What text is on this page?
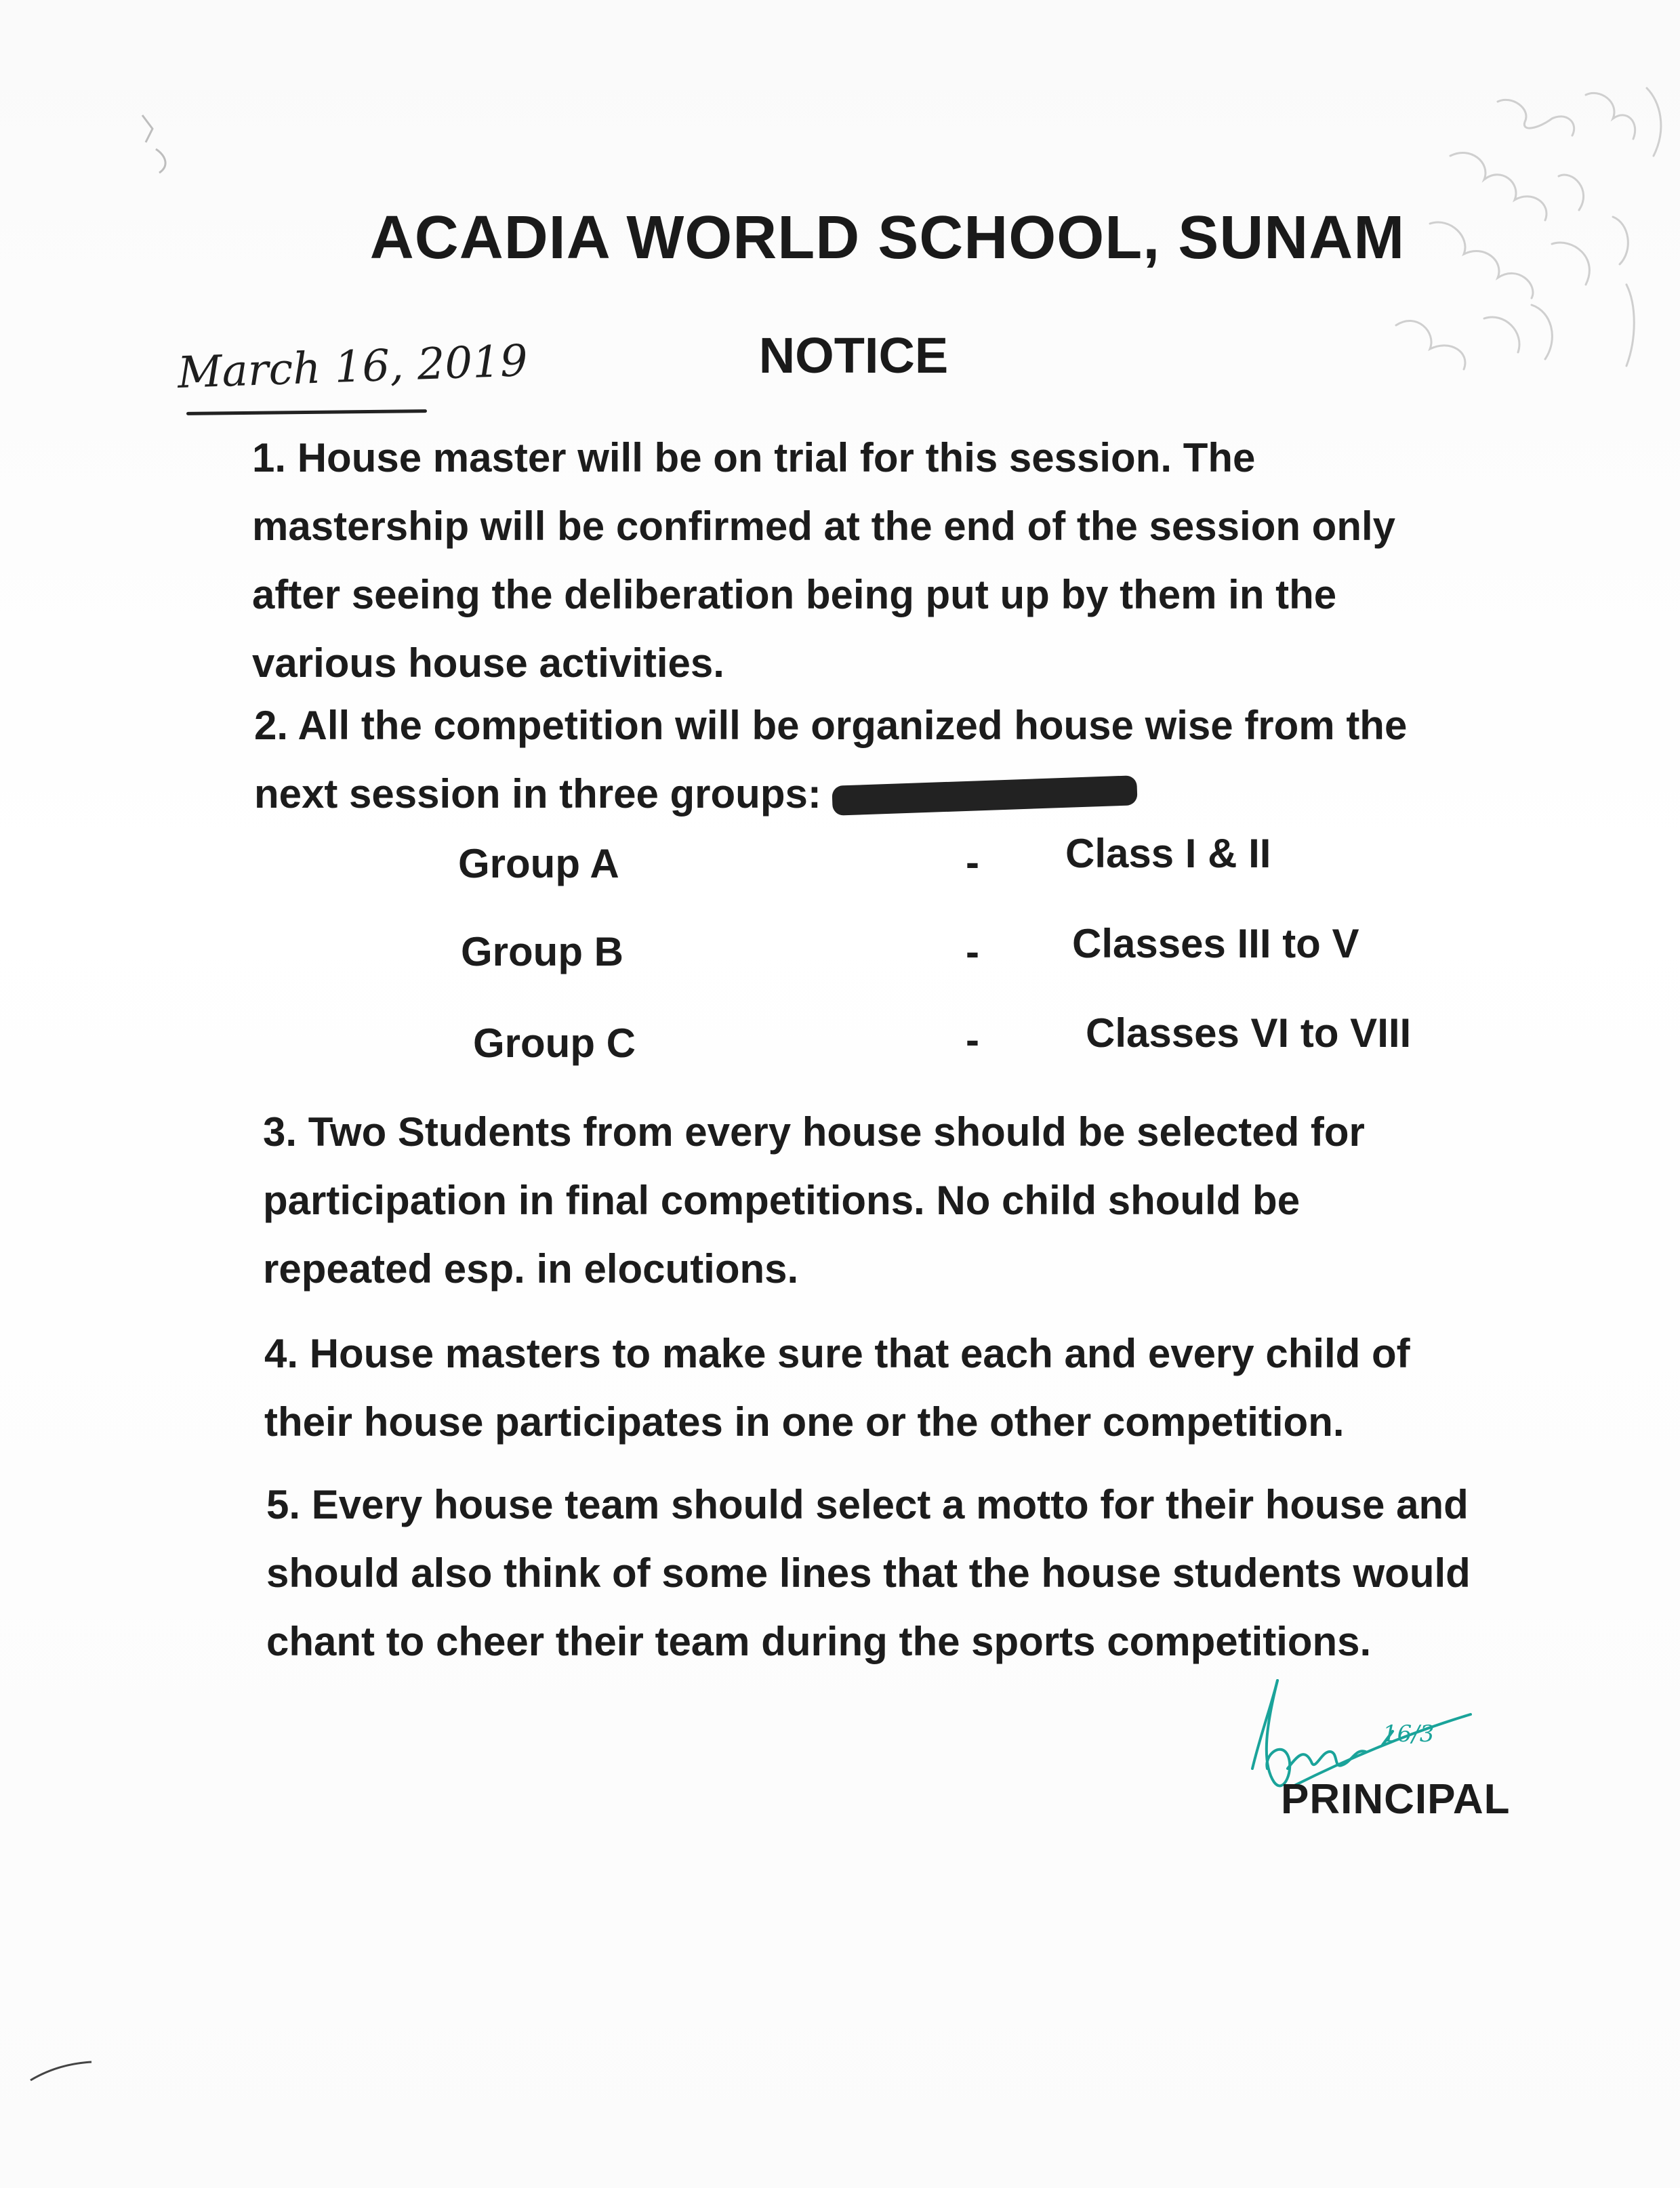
ACADIA WORLD SCHOOL, SUNAM
NOTICE
March 16, 2019
1. House master will be on trial for this session. The
mastership will be confirmed at the end of the session only
after seeing the deliberation being put up by them in the
various house activities.
2. All the competition will be organized house wise from the
next session in three groups:
Group A	- Class I & II
Group B	- Classes III to V
Group C	-	Classes VI to VIII
3. Two Students from every house should be selected for
participation in final competitions. No child should be
repeated esp. in elocutions.
4. House masters to make sure that each and every child of
their house participates in one or the other competition.
5. Every house team should select a motto for their house and
should also think of some lines that the house students would
chant to cheer their team during the sports competitions.
16/3
PRINCIPAL
